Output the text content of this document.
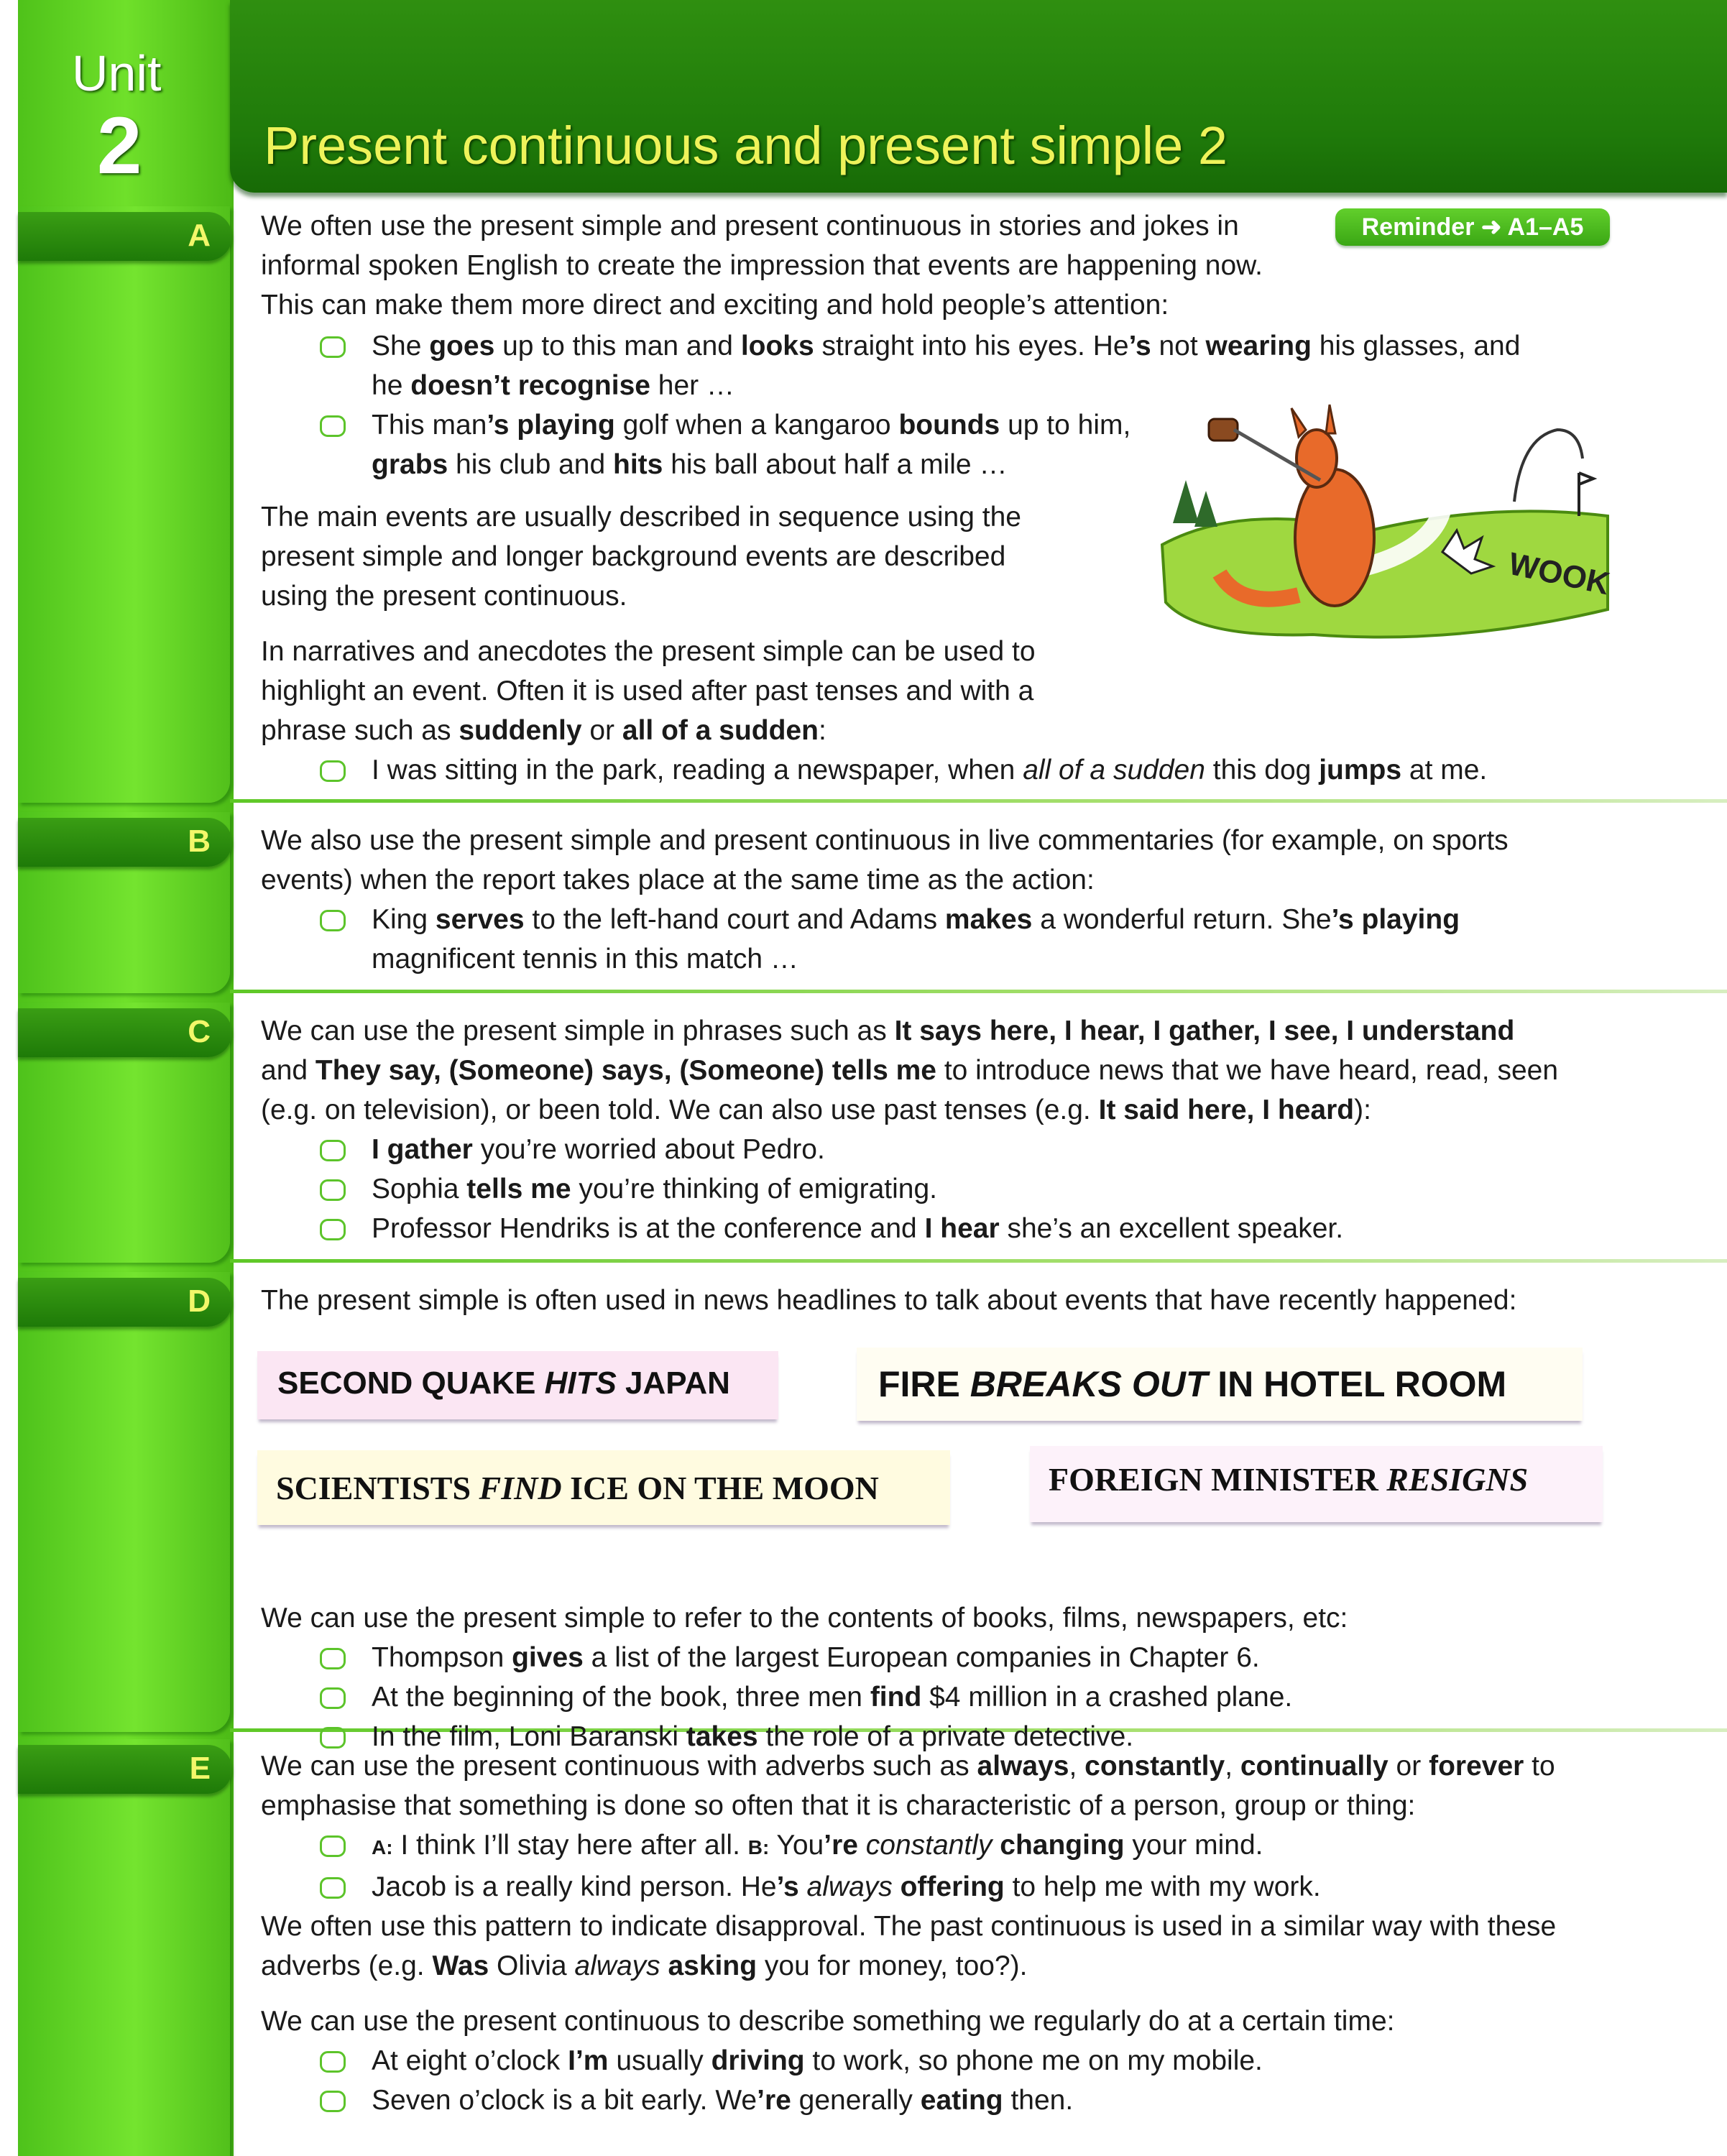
Unit
2 Present continuous and present simple 2
A We often use the present simple and present continuous in stories and jokes in informal spoken English to create the impression that events are happening now. This can make them more direct and exciting and hold people’s attention:
She goes up to this man and looks straight into his eyes. He’s not wearing his glasses, and he doesn’t recognise her …
This man’s playing golf when a kangaroo bounds up to him, grabs his club and hits his ball about half a mile …
The main events are usually described in sequence using the present simple and longer background events are described using the present continuous.
In narratives and anecdotes the present simple can be used to highlight an event. Often it is used after past tenses and with a phrase such as suddenly or all of a sudden:
I was sitting in the park, reading a newspaper, when all of a sudden this dog jumps at me.
Reminder ➜ A1–A5
WOOK
B We also use the present simple and present continuous in live commentaries (for example, on sports events) when the report takes place at the same time as the action:
King serves to the left-hand court and Adams makes a wonderful return. She’s playing magnificent tennis in this match …
C We can use the present simple in phrases such as It says here, I hear, I gather, I see, I understand and They say, (Someone) says, (Someone) tells me to introduce news that we have heard, read, seen (e.g. on television), or been told. We can also use past tenses (e.g. It said here, I heard):
I gather you’re worried about Pedro.
Sophia tells me you’re thinking of emigrating.
Professor Hendriks is at the conference and I hear she’s an excellent speaker.
D The present simple is often used in news headlines to talk about events that have recently happened:
We can use the present simple to refer to the contents of books, films, newspapers, etc:
Thompson gives a list of the largest European companies in Chapter 6.
At the beginning of the book, three men find $4 million in a crashed plane.
In the film, Loni Baranski takes the role of a private detective.
SECOND QUAKE HITS JAPAN	FIRE BREAKS OUT IN HOTEL ROOM
SCIENTISTS FIND ICE ON THE MOON	FOREIGN MINISTER RESIGNS
E We can use the present continuous with adverbs such as always, constantly, continually or forever to emphasise that something is done so often that it is characteristic of a person, group or thing:
A: I think I’ll stay here after all. B: You’re constantly changing your mind.
Jacob is a really kind person. He’s always offering to help me with my work.
We often use this pattern to indicate disapproval. The past continuous is used in a similar way with these adverbs (e.g. Was Olivia always asking you for money, too?).
We can use the present continuous to describe something we regularly do at a certain time:
At eight o’clock I’m usually driving to work, so phone me on my mobile.
Seven o’clock is a bit early. We’re generally eating then.
